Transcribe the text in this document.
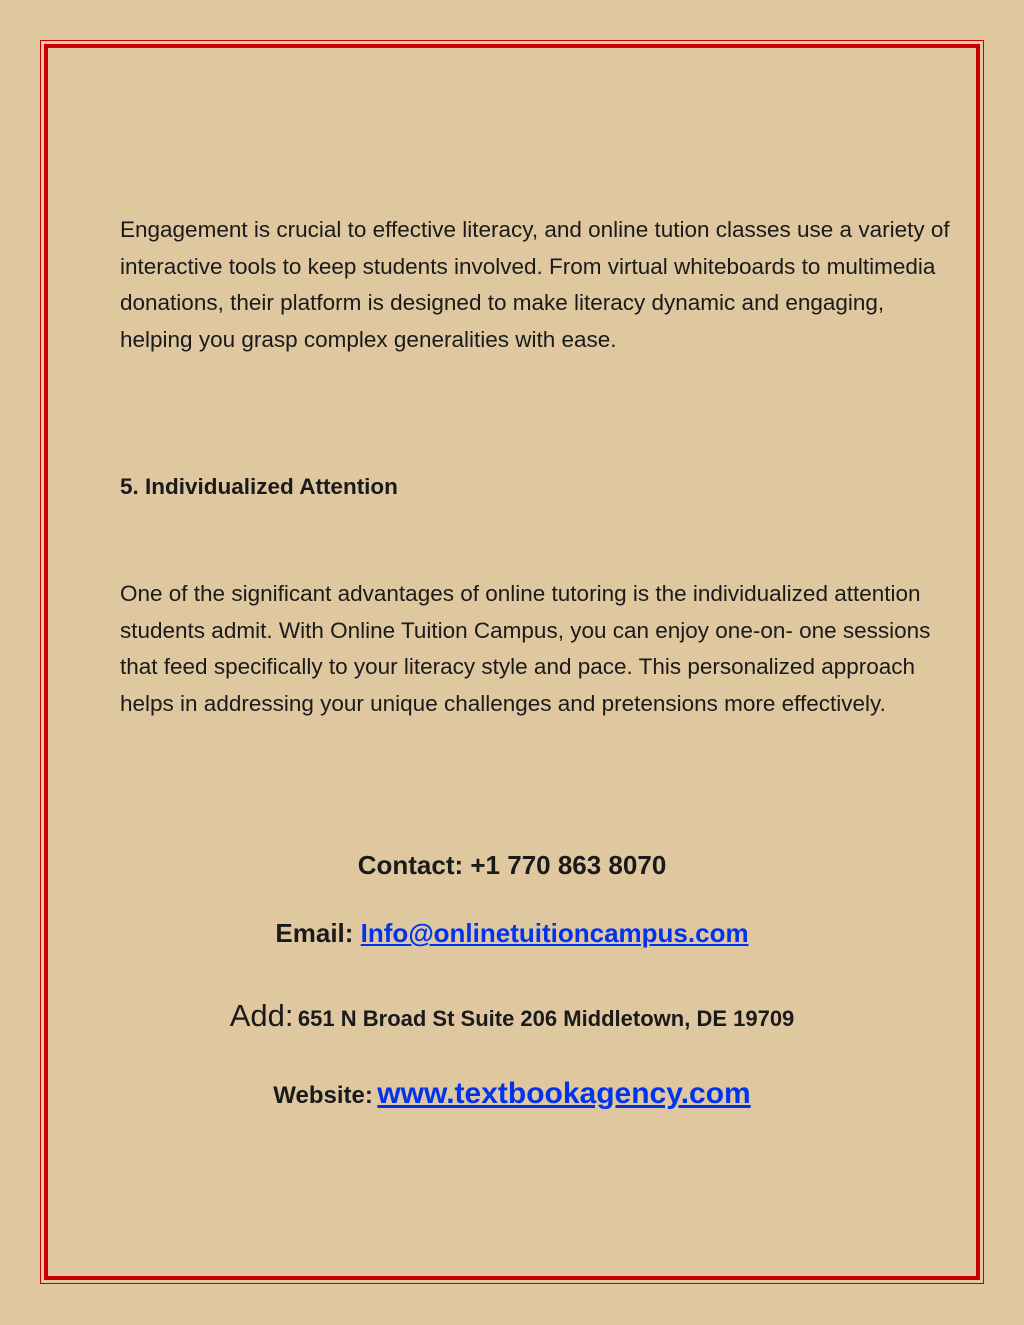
Engagement is crucial to effective literacy, and online tution classes use a variety of interactive tools to keep students involved. From virtual whiteboards to multimedia donations, their platform is designed to make literacy dynamic and engaging, helping you grasp complex generalities with ease.

5. Individualized Attention

One of the significant advantages of online tutoring is the individualized attention students admit. With Online Tuition Campus, you can enjoy one-on- one sessions that feed specifically to your literacy style and pace. This personalized approach helps in addressing your unique challenges and pretensions more effectively.

Contact: +1 770 863 8070
Email: Info@onlinetuitioncampus.com
Add: 651 N Broad St Suite 206 Middletown, DE 19709
Website: www.textbookagency.com
